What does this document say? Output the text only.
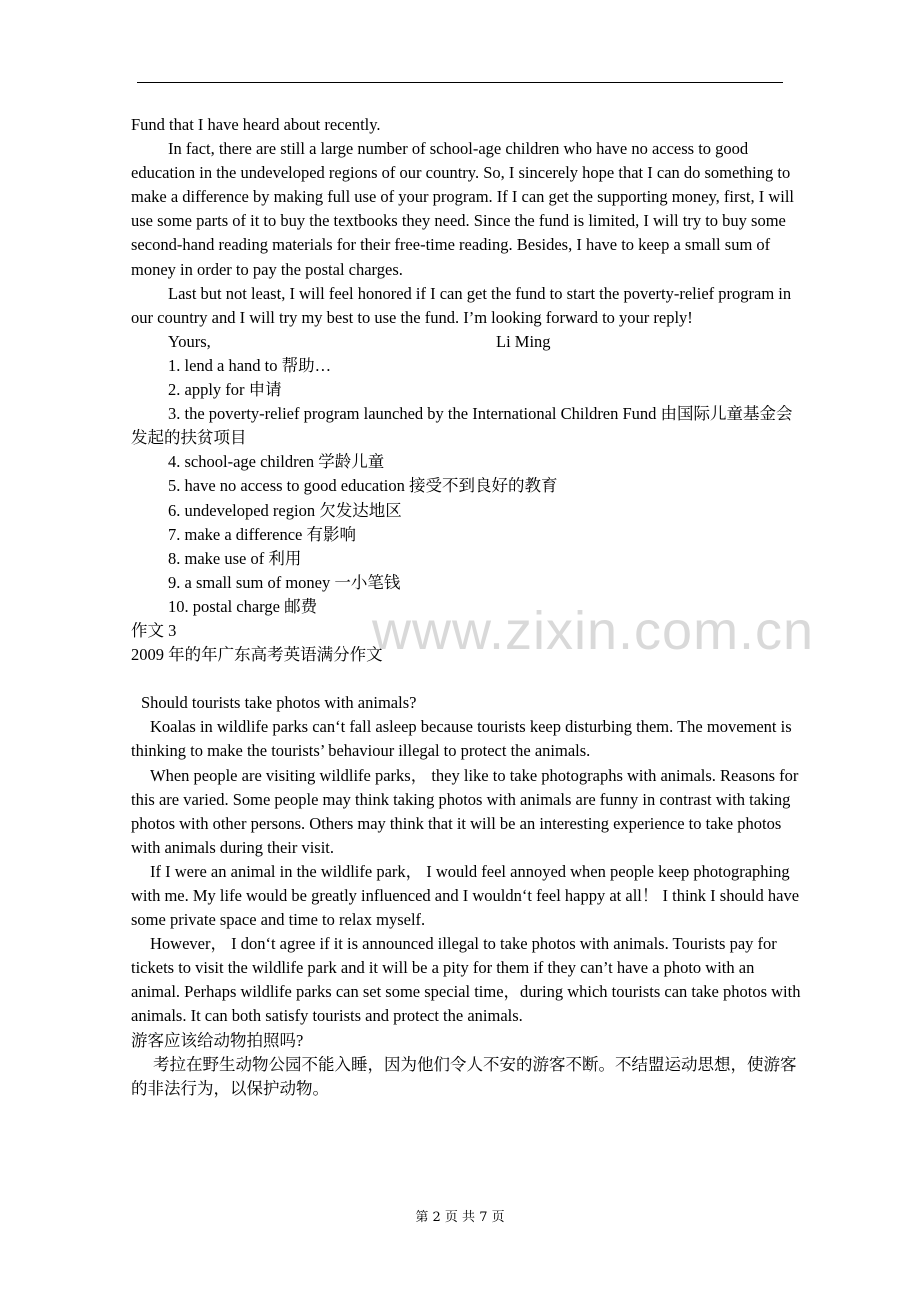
www.zixin.com.cn

Fund that I have heard about recently.

In fact, there are still a large number of school-age children who have no access to good education in the undeveloped regions of our country. So, I sincerely hope that I can do something to make a difference by making full use of your program. If I can get the supporting money, first, I will use some parts of it to buy the textbooks they need. Since the fund is limited, I will try to buy some second-hand reading materials for their free-time reading. Besides, I have to keep a small sum of money in order to pay the postal charges.

Last but not least, I will feel honored if I can get the fund to start the poverty-relief program in our country and I will try my best to use the fund. I’m looking forward to your reply!

Yours,	Li Ming

1. lend a hand to 帮助…

2. apply for 申请

3. the poverty-relief program launched by the International Children Fund 由国际儿童基金会发起的扶贫项目

4. school-age children 学龄儿童

5. have no access to good education 接受不到良好的教育

6. undeveloped region 欠发达地区

7. make a difference 有影响

8. make use of 利用

9. a small sum of money 一小笔钱

10. postal charge 邮费

作文 3

2009 年的年广东高考英语满分作文

Should tourists take photos with animals?

Koalas in wildlife parks can‘t fall asleep because tourists keep disturbing them. The movement is thinking to make the tourists’ behaviour illegal to protect the animals.

When people are visiting wildlife parks， they like to take photographs with animals. Reasons for this are varied. Some people may think taking photos with animals are funny in contrast with taking photos with other persons. Others may think that it will be an interesting experience to take photos with animals during their visit.

If I were an animal in the wildlife park， I would feel annoyed when people keep photographing with me. My life would be greatly influenced and I wouldn‘t feel happy at all！ I think I should have some private space and time to relax myself.

However， I don‘t agree if it is announced illegal to take photos with animals. Tourists pay for tickets to visit the wildlife park and it will be a pity for them if they can’t have a photo with an animal. Perhaps wildlife parks can set some special time，during which tourists can take photos with animals. It can both satisfy tourists and protect the animals.

游客应该给动物拍照吗?

考拉在野生动物公园不能入睡，因为他们令人不安的游客不断。不结盟运动思想，使游客的非法行为，以保护动物。

第 2 页 共 7 页
